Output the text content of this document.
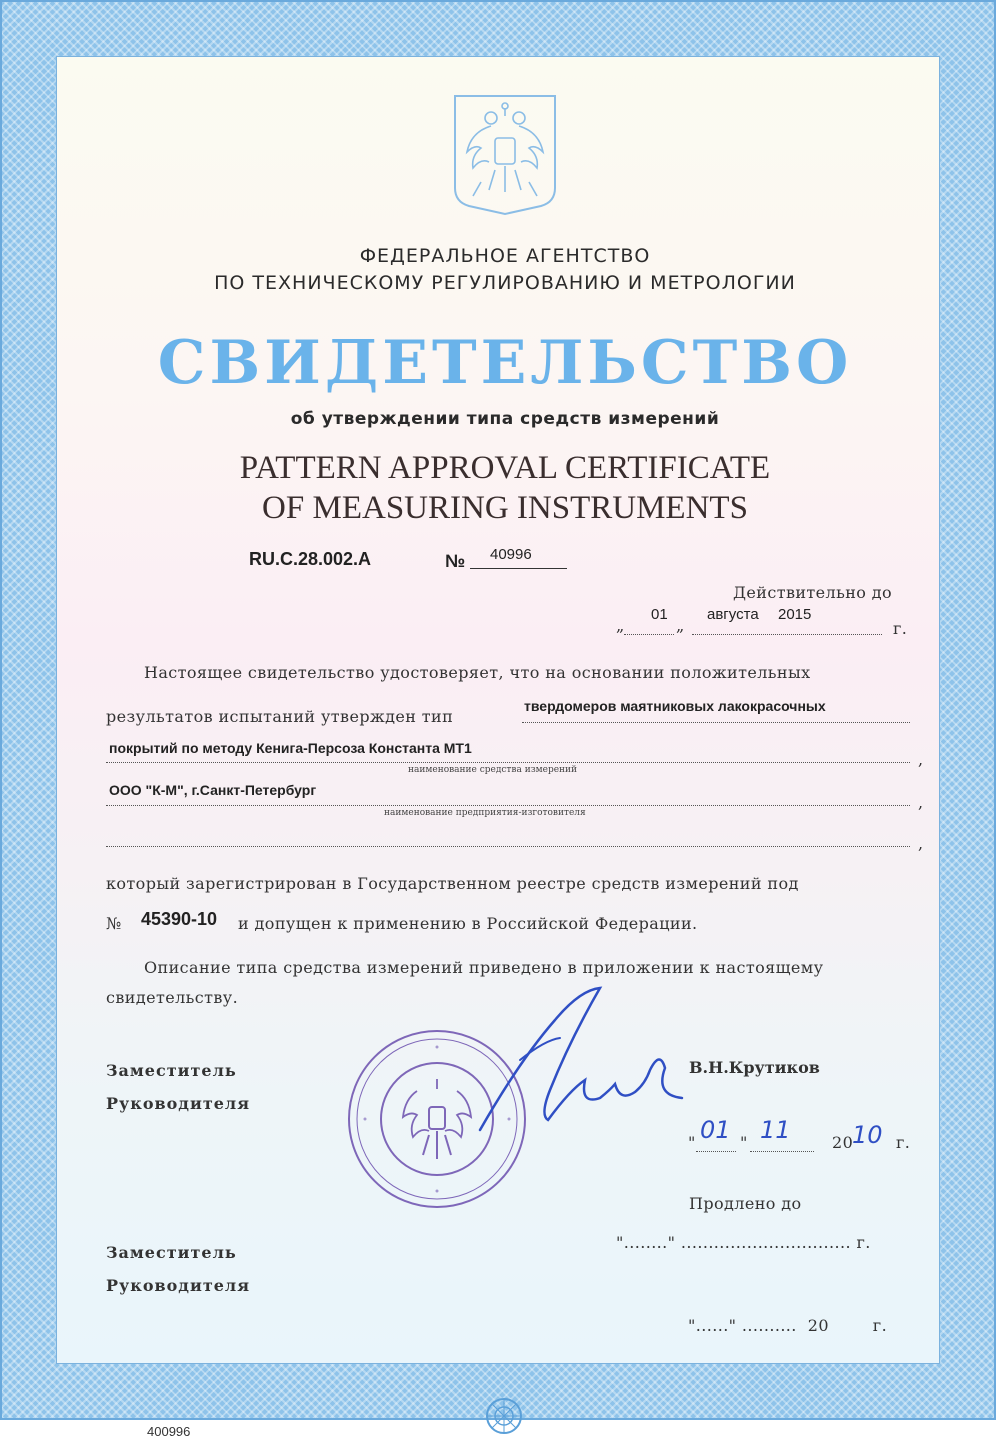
ФЕДЕРАЛЬНОЕ АГЕНТСТВО
ПО ТЕХНИЧЕСКОМУ РЕГУЛИРОВАНИЮ И МЕТРОЛОГИИ
СВИДЕТЕЛЬСТВО
об утверждении типа средств измерений
PATTERN APPROVAL CERTIFICATE
OF MEASURING INSTRUMENTS
RU.C.28.002.A	№ 40996
Действительно до
„
01
„
августа 2015
г.
Настоящее свидетельство удостоверяет, что на основании положительных
результатов испытаний утвержден тип
твердомеров маятниковых лакокрасочных
покрытий по методу Кенига-Персоза Константа МТ1
,
наименование средства измерений
ООО "К-М", г.Санкт-Петербург
,
наименование предприятия-изготовителя
,
который зарегистрирован в Государственном реестре средств измерений под
№ 45390-10 и допущен к применению в Российской Федерации.
Описание типа средства измерений приведено в приложении к настоящему
свидетельству.
Заместитель
Руководителя
В.Н.Крутиков
" 01 " 11	20
10 г.
Продлено до
"........" ............................... г.
Заместитель
Руководителя
"......" ..........  20        г.
400996
